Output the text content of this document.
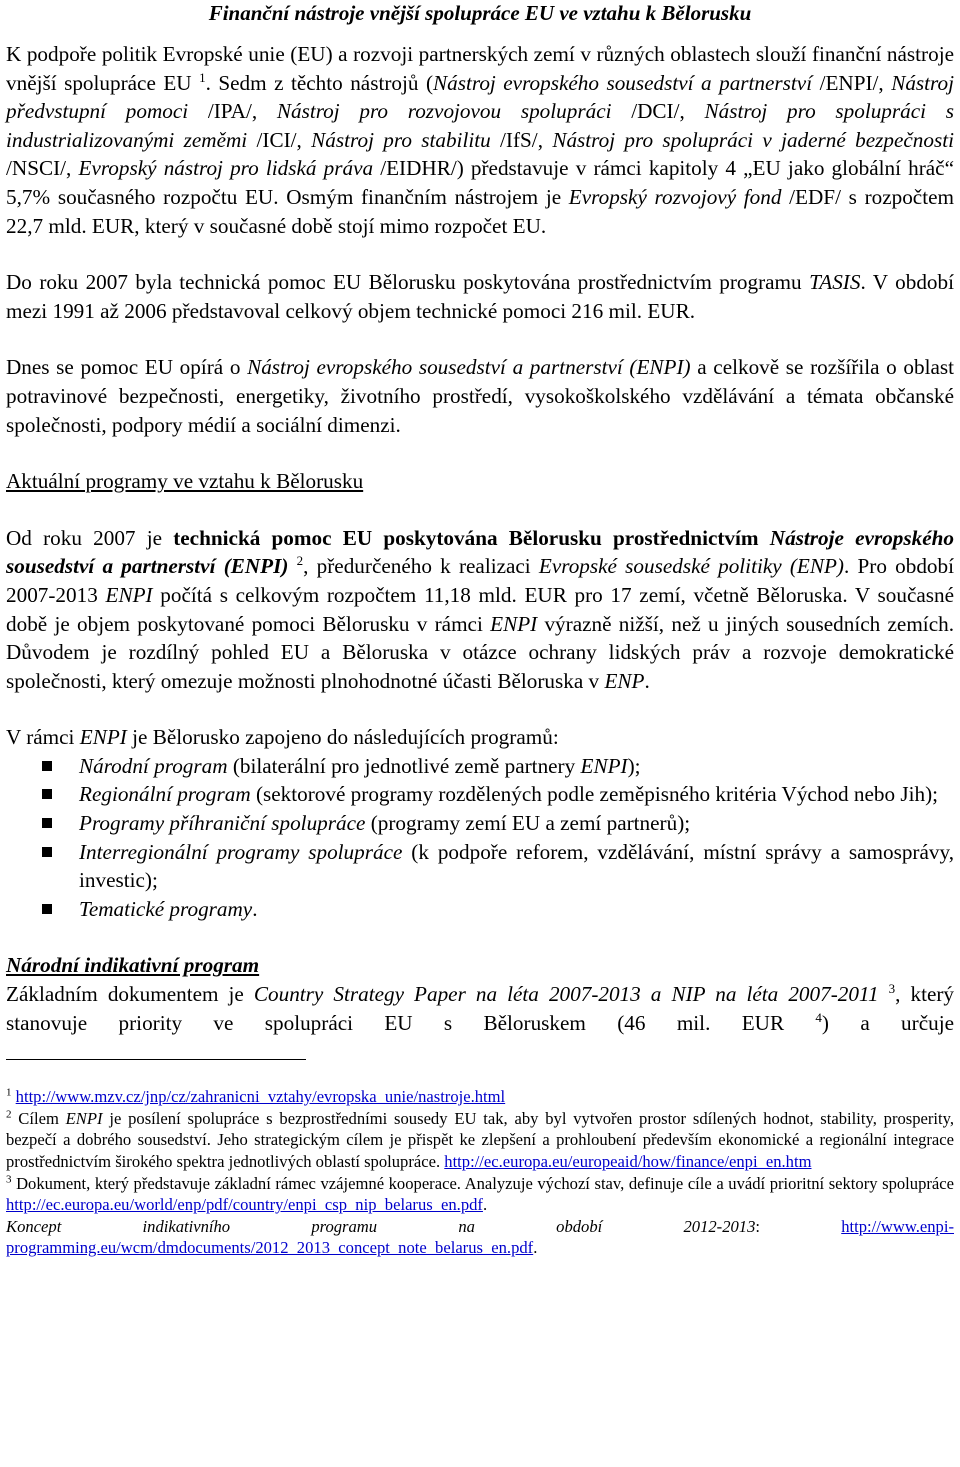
Finanční nástroje vnější spolupráce EU ve vztahu k Bělorusku

K podpoře politik Evropské unie (EU) a rozvoji partnerských zemí v různých oblastech slouží finanční nástroje vnější spolupráce EU $^1$. Sedm z těchto nástrojů (Nástroj evropského sousedství a partnerství /ENPI/, Nástroj předvstupní pomoci /IPA/, Nástroj pro rozvojovou spolupráci /DCI/, Nástroj pro spolupráci s industrializovanými zeměmi /ICI/, Nástroj pro stabilitu /IfS/, Nástroj pro spolupráci v jaderné bezpečnosti /NSCI/, Evropský nástroj pro lidská práva /EIDHR/) představuje v rámci kapitoly 4 „EU jako globální hráč“ 5,7% současného rozpočtu EU. Osmým finančním nástrojem je Evropský rozvojový fond /EDF/ s rozpočtem 22,7 mld. EUR, který v současné době stojí mimo rozpočet EU.

Do roku 2007 byla technická pomoc EU Bělorusku poskytována prostřednictvím programu TASIS. V období mezi 1991 až 2006 představoval celkový objem technické pomoci 216 mil. EUR.

Dnes se pomoc EU opírá o Nástroj evropského sousedství a partnerství (ENPI) a celkově se rozšířila o oblast potravinové bezpečnosti, energetiky, životního prostředí, vysokoškolského vzdělávání a témata občanské společnosti, podpory médií a sociální dimenzi.

Aktuální programy ve vztahu k Bělorusku

Od roku 2007 je technická pomoc EU poskytována Bělorusku prostřednictvím Nástroje evropského sousedství a partnerství (ENPI) $^2$, předurčeného k realizaci Evropské sousedské politiky (ENP). Pro období 2007-2013 ENPI počítá s celkovým rozpočtem 11,18 mld. EUR pro 17 zemí, včetně Běloruska. V současné době je objem poskytované pomoci Bělorusku v rámci ENPI výrazně nižší, než u jiných sousedních zemích. Důvodem je rozdílný pohled EU a Běloruska v otázce ochrany lidských práv a rozvoje demokratické společnosti, který omezuje možnosti plnohodnotné účasti Běloruska v ENP.

V rámci ENPI je Bělorusko zapojeno do následujících programů:

Národní program (bilaterální pro jednotlivé země partnery ENPI);
Regionální program (sektorové programy rozdělených podle zeměpisného kritéria Východ nebo Jih);
Programy příhraniční spolupráce (programy zemí EU a zemí partnerů);
Interregionální programy spolupráce (k podpoře reforem, vzdělávání, místní správy a samosprávy, investic);
Tematické programy.

Národní indikativní program

Základním dokumentem je Country Strategy Paper na léta 2007-2013 a NIP na léta 2007-2011 $^3$, který stanovuje priority ve spolupráci EU s Běloruskem (46 mil. EUR $^4$) a určuje

$^1$ http://www.mzv.cz/jnp/cz/zahranicni_vztahy/evropska_unie/nastroje.html
$^2$ Cílem ENPI je posílení spolupráce s bezprostředními sousedy EU tak, aby byl vytvořen prostor sdílených hodnot, stability, prosperity, bezpečí a dobrého sousedství. Jeho strategickým cílem je přispět ke zlepšení a prohloubení především ekonomické a regionální integrace prostřednictvím širokého spektra jednotlivých oblastí spolupráce. http://ec.europa.eu/europeaid/how/finance/enpi_en.htm
$^3$ Dokument, který představuje základní rámec vzájemné kooperace. Analyzuje výchozí stav, definuje cíle a uvádí prioritní sektory spolupráce http://ec.europa.eu/world/enp/pdf/country/enpi_csp_nip_belarus_en.pdf.
Koncept indikativního programu na období 2012-2013: http://www.enpi-programming.eu/wcm/dmdocuments/2012_2013_concept_note_belarus_en.pdf.
